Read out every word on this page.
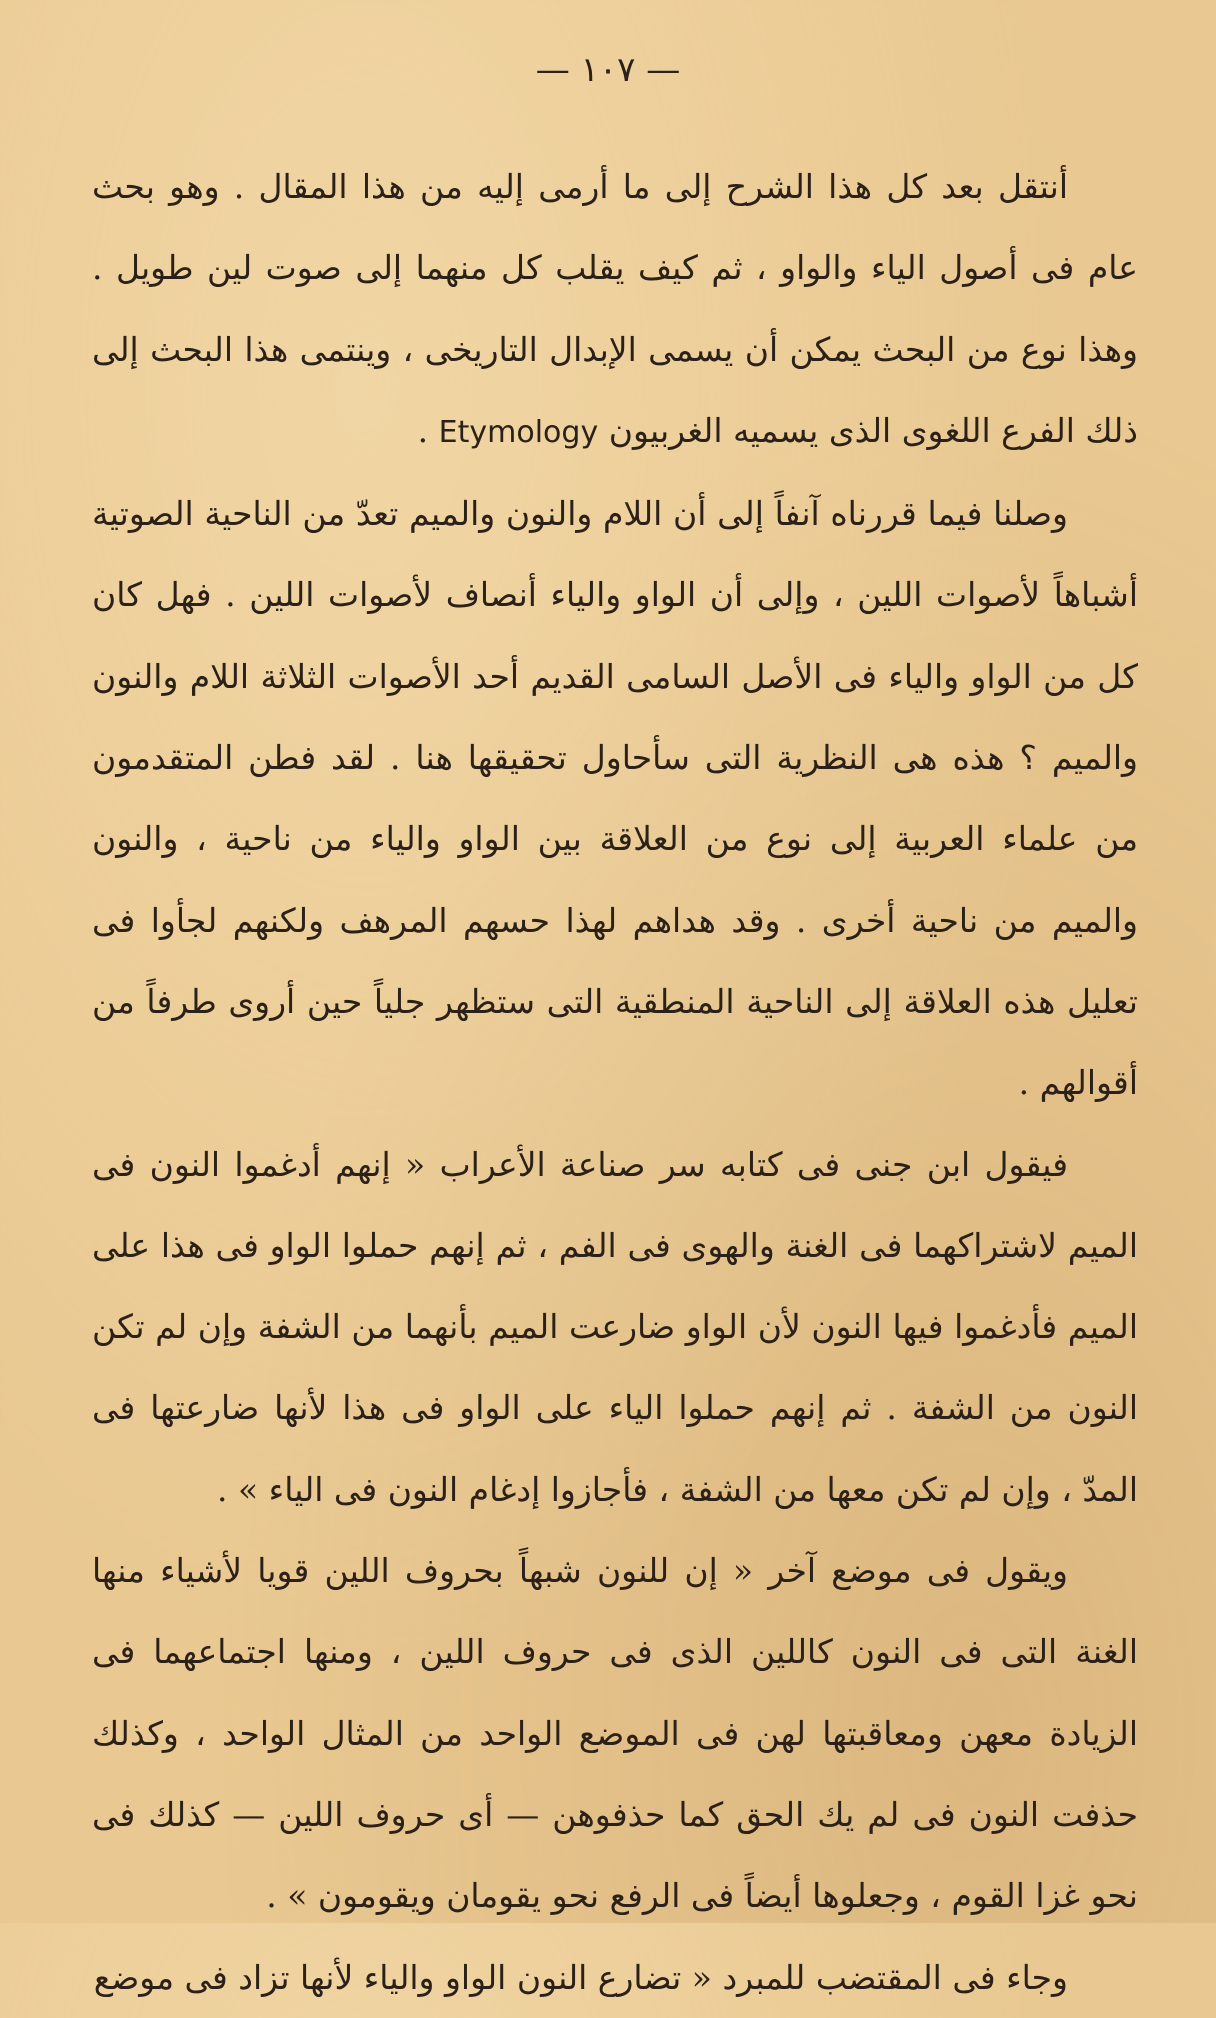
— ١٠٧ —

أنتقل بعد كل هذا الشرح إلى ما أرمى إليه من هذا المقال . وهو بحث عام فى أصول الياء والواو ، ثم كيف يقلب كل منهما إلى صوت لين طويل . وهذا نوع من البحث يمكن أن يسمى الإبدال التاريخى ، وينتمى هذا البحث إلى ذلك الفرع اللغوى الذى يسميه الغربيون Etymology .

وصلنا فيما قررناه آنفاً إلى أن اللام والنون والميم تعدّ من الناحية الصوتية أشباهاً لأصوات اللين ، وإلى أن الواو والياء أنصاف لأصوات اللين . فهل كان كل من الواو والياء فى الأصل السامى القديم أحد الأصوات الثلاثة اللام والنون والميم ؟ هذه هى النظرية التى سأحاول تحقيقها هنا . لقد فطن المتقدمون من علماء العربية إلى نوع من العلاقة بين الواو والياء من ناحية ، والنون والميم من ناحية أخرى . وقد هداهم لهذا حسهم المرهف ولكنهم لجأوا فى تعليل هذه العلاقة إلى الناحية المنطقية التى ستظهر جلياً حين أروى طرفاً من أقوالهم .

فيقول ابن جنى فى كتابه سر صناعة الأعراب « إنهم أدغموا النون فى الميم لاشتراكهما فى الغنة والهوى فى الفم ، ثم إنهم حملوا الواو فى هذا على الميم فأدغموا فيها النون لأن الواو ضارعت الميم بأنهما من الشفة وإن لم تكن النون من الشفة . ثم إنهم حملوا الياء على الواو فى هذا لأنها ضارعتها فى المدّ ، وإن لم تكن معها من الشفة ، فأجازوا إدغام النون فى الياء » .

ويقول فى موضع آخر « إن للنون شبهاً بحروف اللين قويا لأشياء منها الغنة التى فى النون كاللين الذى فى حروف اللين ، ومنها اجتماعهما فى الزيادة معهن ومعاقبتها لهن فى الموضع الواحد من المثال الواحد ، وكذلك حذفت النون فى لم يك الحق كما حذفوهن — أى حروف اللين — كذلك فى نحو غزا القوم ، وجعلوها أيضاً فى الرفع نحو يقومان ويقومون » .

وجاء فى المقتضب للمبرد « تضارع النون الواو والياء لأنها تزاد فى موضع
